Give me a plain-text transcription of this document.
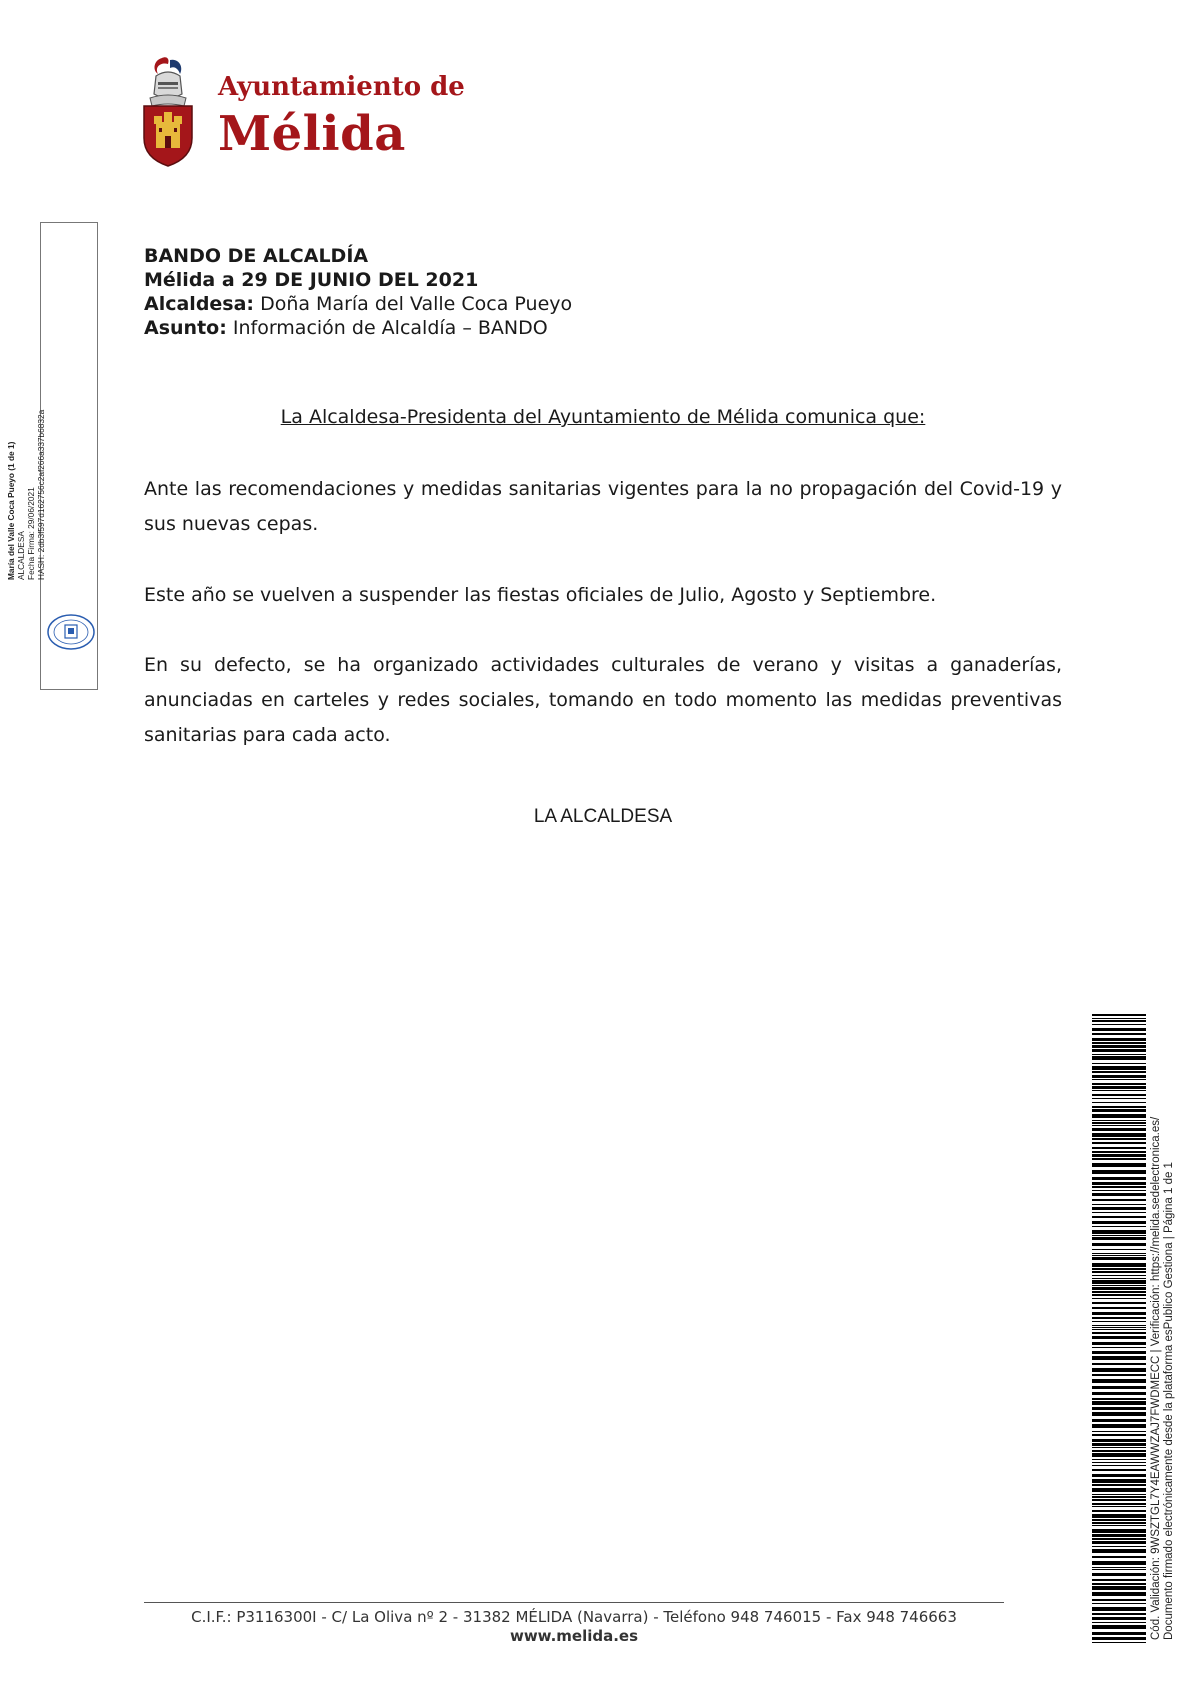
Ayuntamiento de
Mélida
María del Valle Coca Pueyo (1 de 1) ALCALDESA Fecha Firma: 29/06/2021 HASH: 2db3f597d162756c2af266a337b6832a
BANDO DE ALCALDÍA
Mélida a 29 DE JUNIO DEL 2021
Alcaldesa: Doña María del Valle Coca Pueyo
Asunto: Información de Alcaldía – BANDO
La Alcaldesa-Presidenta del Ayuntamiento de Mélida comunica que:
Ante las recomendaciones y medidas sanitarias vigentes para la no propagación del Covid-19 y sus nuevas cepas.
Este año se vuelven a suspender las fiestas oficiales de Julio, Agosto y Septiembre.
En su defecto, se ha organizado actividades culturales de verano y visitas a ganaderías, anunciadas en carteles y redes sociales, tomando en todo momento las medidas preventivas sanitarias para cada acto.
LA ALCALDESA
Cód. Validación: 9WSZTGL7Y4EAWWZAJ7FWDMECC | Verificación: https://melida.sedelectronica.es/ Documento firmado electrónicamente desde la plataforma esPublico Gestiona | Página 1 de 1
C.I.F.: P3116300I - C/ La Oliva nº 2 - 31382 MÉLIDA (Navarra) - Teléfono 948 746015 - Fax 948 746663
www.melida.es
